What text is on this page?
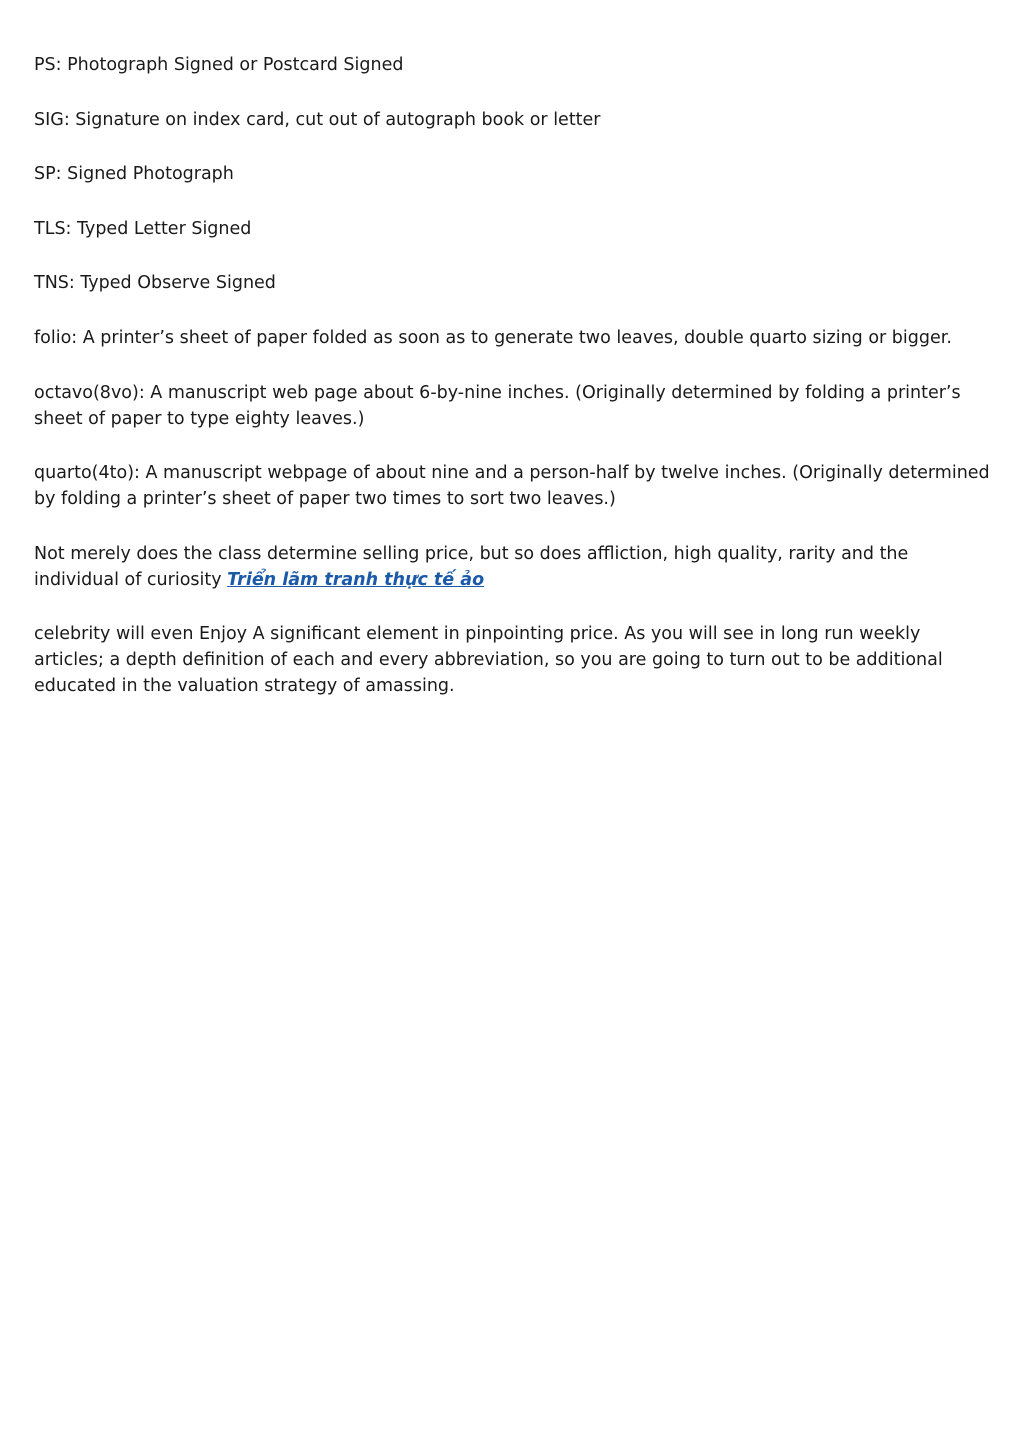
PS: Photograph Signed or Postcard Signed

SIG: Signature on index card, cut out of autograph book or letter

SP: Signed Photograph

TLS: Typed Letter Signed

TNS: Typed Observe Signed

folio: A printer’s sheet of paper folded as soon as to generate two leaves, double quarto sizing or bigger.

octavo(8vo): A manuscript web page about 6-by-nine inches. (Originally determined by folding a printer’s sheet of paper to type eighty leaves.)

quarto(4to): A manuscript webpage of about nine and a person-half by twelve inches. (Originally determined by folding a printer’s sheet of paper two times to sort two leaves.)

Not merely does the class determine selling price, but so does affliction, high quality, rarity and the individual of curiosity Triển lãm tranh thực tế ảo

celebrity will even Enjoy A significant element in pinpointing price. As you will see in long run weekly articles; a depth definition of each and every abbreviation, so you are going to turn out to be additional educated in the valuation strategy of amassing.
